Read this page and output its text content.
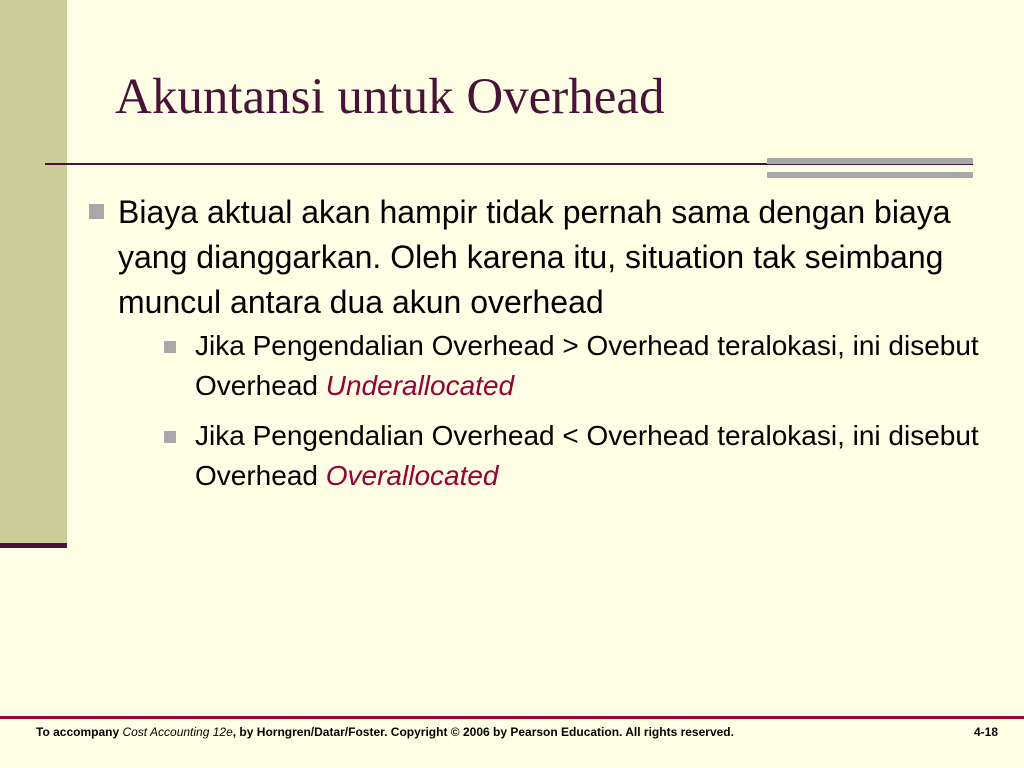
Akuntansi untuk Overhead
Biaya aktual akan hampir tidak pernah sama dengan biaya yang dianggarkan. Oleh karena itu, situation tak seimbang muncul antara dua akun overhead
Jika Pengendalian Overhead > Overhead teralokasi, ini disebut Overhead Underallocated
Jika Pengendalian Overhead < Overhead teralokasi, ini disebut Overhead Overallocated
To accompany Cost Accounting 12e, by Horngren/Datar/Foster. Copyright © 2006 by Pearson Education. All rights reserved.	4-18
